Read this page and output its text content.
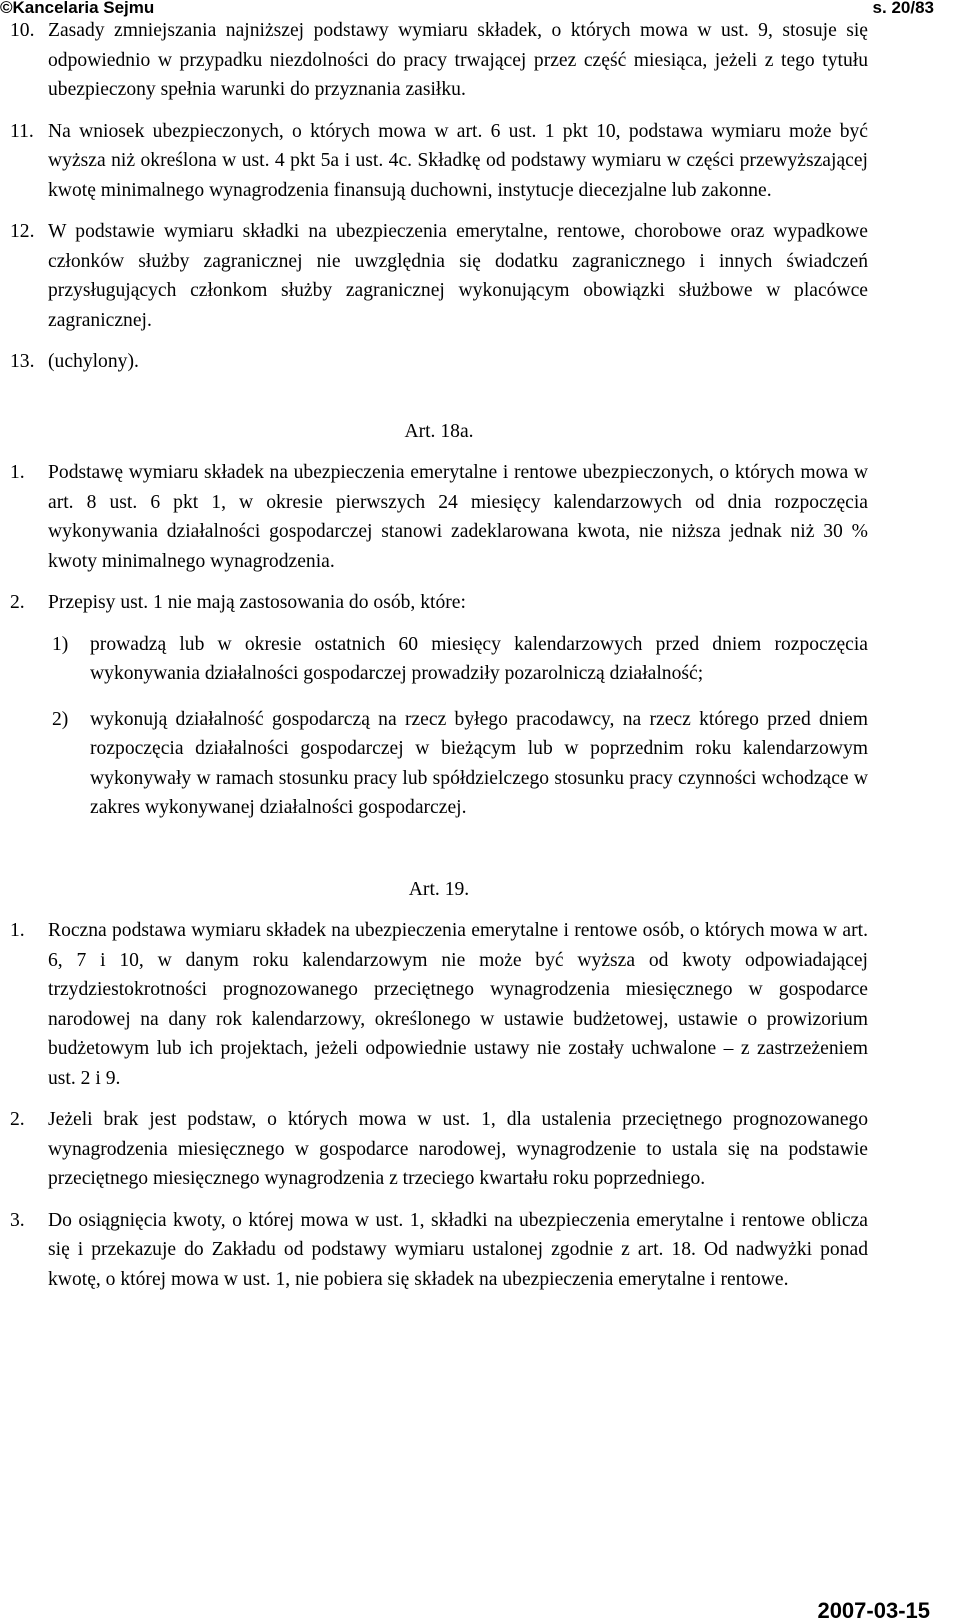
©Kancelaria Sejmu	s. 20/83

10. Zasady zmniejszania najniższej podstawy wymiaru składek, o których mowa w ust. 9, stosuje się odpowiednio w przypadku niezdolności do pracy trwającej przez część miesiąca, jeżeli z tego tytułu ubezpieczony spełnia warunki do przyznania zasiłku.

11. Na wniosek ubezpieczonych, o których mowa w art. 6 ust. 1 pkt 10, podstawa wymiaru może być wyższa niż określona w ust. 4 pkt 5a i ust. 4c. Składkę od podstawy wymiaru w części przewyższającej kwotę minimalnego wynagrodzenia finansują duchowni, instytucje diecezjalne lub zakonne.

12. W podstawie wymiaru składki na ubezpieczenia emerytalne, rentowe, chorobowe oraz wypadkowe członków służby zagranicznej nie uwzględnia się dodatku zagranicznego i innych świadczeń przysługujących członkom służby zagranicznej wykonującym obowiązki służbowe w placówce zagranicznej.

13. (uchylony).

Art. 18a.

1. Podstawę wymiaru składek na ubezpieczenia emerytalne i rentowe ubezpieczonych, o których mowa w art. 8 ust. 6 pkt 1, w okresie pierwszych 24 miesięcy kalendarzowych od dnia rozpoczęcia wykonywania działalności gospodarczej stanowi zadeklarowana kwota, nie niższa jednak niż 30 % kwoty minimalnego wynagrodzenia.

2. Przepisy ust. 1 nie mają zastosowania do osób, które:

1) prowadzą lub w okresie ostatnich 60 miesięcy kalendarzowych przed dniem rozpoczęcia wykonywania działalności gospodarczej prowadziły pozarolniczą działalność;
2) wykonują działalność gospodarczą na rzecz byłego pracodawcy, na rzecz którego przed dniem rozpoczęcia działalności gospodarczej w bieżącym lub w poprzednim roku kalendarzowym wykonywały w ramach stosunku pracy lub spółdzielczego stosunku pracy czynności wchodzące w zakres wykonywanej działalności gospodarczej.
Art. 19.

1. Roczna podstawa wymiaru składek na ubezpieczenia emerytalne i rentowe osób, o których mowa w art. 6, 7 i 10, w danym roku kalendarzowym nie może być wyższa od kwoty odpowiadającej trzydziestokrotności prognozowanego przeciętnego wynagrodzenia miesięcznego w gospodarce narodowej na dany rok kalendarzowy, określonego w ustawie budżetowej, ustawie o prowizorium budżetowym lub ich projektach, jeżeli odpowiednie ustawy nie zostały uchwalone – z zastrzeżeniem ust. 2 i 9.

2. Jeżeli brak jest podstaw, o których mowa w ust. 1, dla ustalenia przeciętnego prognozowanego wynagrodzenia miesięcznego w gospodarce narodowej, wynagrodzenie to ustala się na podstawie przeciętnego miesięcznego wynagrodzenia z trzeciego kwartału roku poprzedniego.

3. Do osiągnięcia kwoty, o której mowa w ust. 1, składki na ubezpieczenia emerytalne i rentowe oblicza się i przekazuje do Zakładu od podstawy wymiaru ustalonej zgodnie z art. 18. Od nadwyżki ponad kwotę, o której mowa w ust. 1, nie pobiera się składek na ubezpieczenia emerytalne i rentowe.

2007-03-15
